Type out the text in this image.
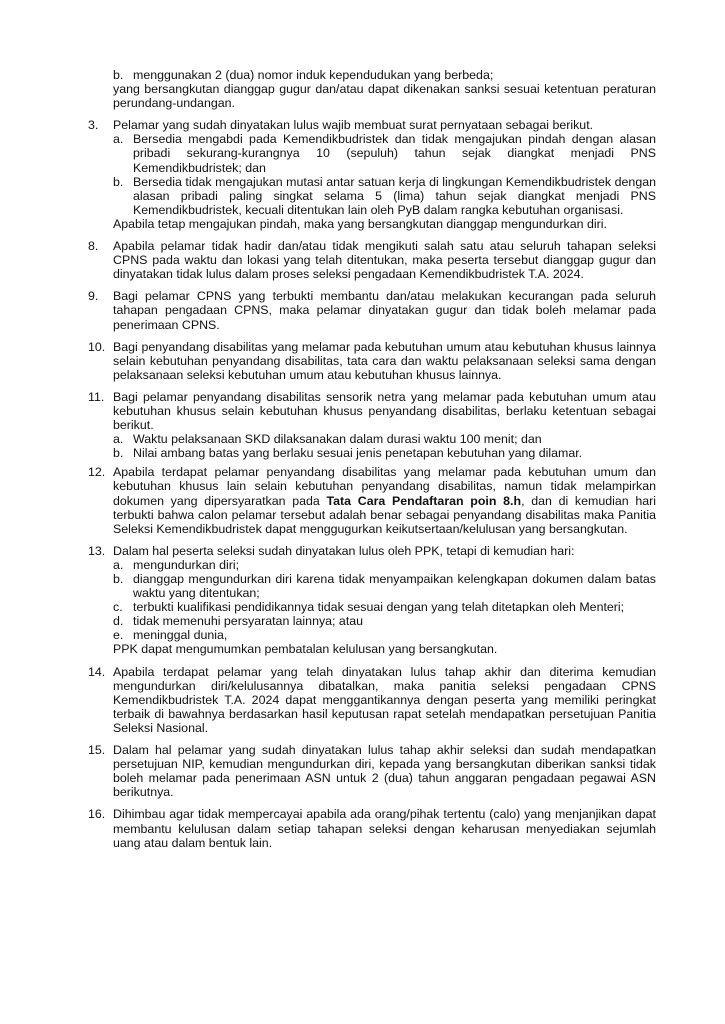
b. menggunakan 2 (dua) nomor induk kependudukan yang berbeda;

yang bersangkutan dianggap gugur dan/atau dapat dikenakan sanksi sesuai ketentuan peraturan perundang-undangan.

3. Pelamar yang sudah dinyatakan lulus wajib membuat surat pernyataan sebagai berikut.

a. Bersedia mengabdi pada Kemendikbudristek dan tidak mengajukan pindah dengan alasan pribadi sekurang-kurangnya 10 (sepuluh) tahun sejak diangkat menjadi PNS Kemendikbudristek; dan
b. Bersedia tidak mengajukan mutasi antar satuan kerja di lingkungan Kemendikbudristek dengan alasan pribadi paling singkat selama 5 (lima) tahun sejak diangkat menjadi PNS Kemendikbudristek, kecuali ditentukan lain oleh PyB dalam rangka kebutuhan organisasi.

Apabila tetap mengajukan pindah, maka yang bersangkutan dianggap mengundurkan diri.

8. Apabila pelamar tidak hadir dan/atau tidak mengikuti salah satu atau seluruh tahapan seleksi CPNS pada waktu dan lokasi yang telah ditentukan, maka peserta tersebut dianggap gugur dan dinyatakan tidak lulus dalam proses seleksi pengadaan Kemendikbudristek T.A. 2024.

9. Bagi pelamar CPNS yang terbukti membantu dan/atau melakukan kecurangan pada seluruh tahapan pengadaan CPNS, maka pelamar dinyatakan gugur dan tidak boleh melamar pada penerimaan CPNS.

10. Bagi penyandang disabilitas yang melamar pada kebutuhan umum atau kebutuhan khusus lainnya selain kebutuhan penyandang disabilitas, tata cara dan waktu pelaksanaan seleksi sama dengan pelaksanaan seleksi kebutuhan umum atau kebutuhan khusus lainnya.

11. Bagi pelamar penyandang disabilitas sensorik netra yang melamar pada kebutuhan umum atau kebutuhan khusus selain kebutuhan khusus penyandang disabilitas, berlaku ketentuan sebagai berikut.

a. Waktu pelaksanaan SKD dilaksanakan dalam durasi waktu 100 menit; dan
b. Nilai ambang batas yang berlaku sesuai jenis penetapan kebutuhan yang dilamar.
12. Apabila terdapat pelamar penyandang disabilitas yang melamar pada kebutuhan umum dan kebutuhan khusus lain selain kebutuhan penyandang disabilitas, namun tidak melampirkan dokumen yang dipersyaratkan pada Tata Cara Pendaftaran poin 8.h, dan di kemudian hari terbukti bahwa calon pelamar tersebut adalah benar sebagai penyandang disabilitas maka Panitia Seleksi Kemendikbudristek dapat menggugurkan keikutsertaan/kelulusan yang bersangkutan.

13. Dalam hal peserta seleksi sudah dinyatakan lulus oleh PPK, tetapi di kemudian hari:

a. mengundurkan diri;
b. dianggap mengundurkan diri karena tidak menyampaikan kelengkapan dokumen dalam batas waktu yang ditentukan;
c. terbukti kualifikasi pendidikannya tidak sesuai dengan yang telah ditetapkan oleh Menteri;
d. tidak memenuhi persyaratan lainnya; atau
e. meninggal dunia,

PPK dapat mengumumkan pembatalan kelulusan yang bersangkutan.

14. Apabila terdapat pelamar yang telah dinyatakan lulus tahap akhir dan diterima kemudian mengundurkan diri/kelulusannya dibatalkan, maka panitia seleksi pengadaan CPNS Kemendikbudristek T.A. 2024 dapat menggantikannya dengan peserta yang memiliki peringkat terbaik di bawahnya berdasarkan hasil keputusan rapat setelah mendapatkan persetujuan Panitia Seleksi Nasional.

15. Dalam hal pelamar yang sudah dinyatakan lulus tahap akhir seleksi dan sudah mendapatkan persetujuan NIP, kemudian mengundurkan diri, kepada yang bersangkutan diberikan sanksi tidak boleh melamar pada penerimaan ASN untuk 2 (dua) tahun anggaran pengadaan pegawai ASN berikutnya.

16. Dihimbau agar tidak mempercayai apabila ada orang/pihak tertentu (calo) yang menjanjikan dapat membantu kelulusan dalam setiap tahapan seleksi dengan keharusan menyediakan sejumlah uang atau dalam bentuk lain.
